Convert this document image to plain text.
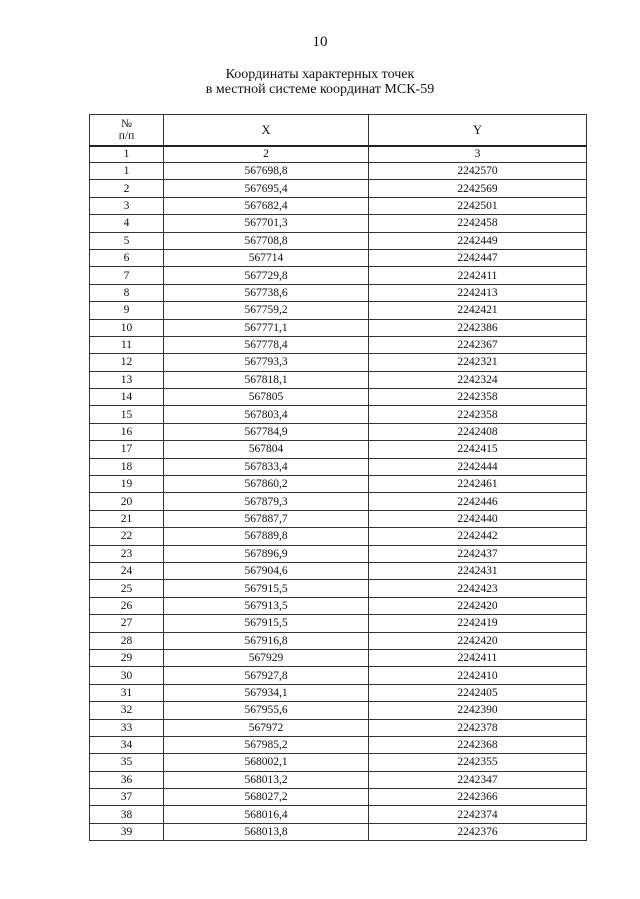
10
Координаты характерных точек
в местной системе координат МСК-59
№
п/п	X	Y
1	2	3
1	567698,8	2242570
2	567695,4	2242569
3	567682,4	2242501
4	567701,3	2242458
5	567708,8	2242449
6	567714	2242447
7	567729,8	2242411
8	567738,6	2242413
9	567759,2	2242421
10	567771,1	2242386
11	567778,4	2242367
12	567793,3	2242321
13	567818,1	2242324
14	567805	2242358
15	567803,4	2242358
16	567784,9	2242408
17	567804	2242415
18	567833,4	2242444
19	567860,2	2242461
20	567879,3	2242446
21	567887,7	2242440
22	567889,8	2242442
23	567896,9	2242437
24	567904,6	2242431
25	567915,5	2242423
26	567913,5	2242420
27	567915,5	2242419
28	567916,8	2242420
29	567929	2242411
30	567927,8	2242410
31	567934,1	2242405
32	567955,6	2242390
33	567972	2242378
34	567985,2	2242368
35	568002,1	2242355
36	568013,2	2242347
37	568027,2	2242366
38	568016,4	2242374
39	568013,8	2242376
